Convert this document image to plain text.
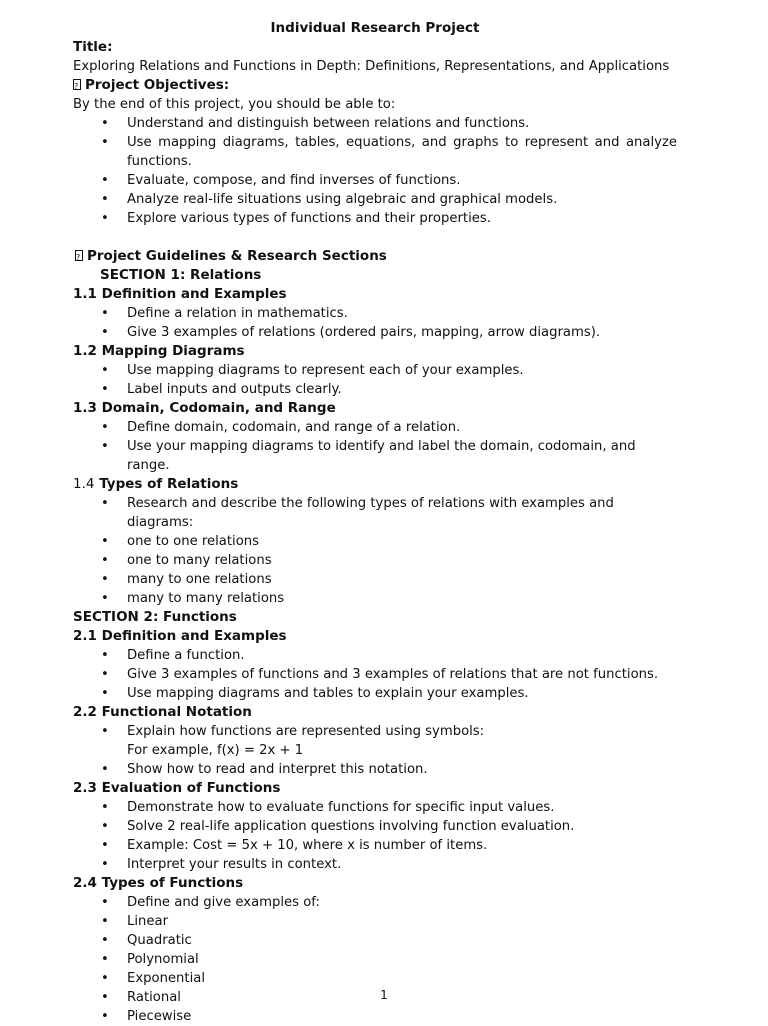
Individual Research Project
Title:
Exploring Relations and Functions in Depth: Definitions, Representations, and Applications
?Project Objectives:
By the end of this project, you should be able to:
• Understand and distinguish between relations and functions.
• Use mapping diagrams, tables, equations, and graphs to represent and analyze functions.
• Evaluate, compose, and find inverses of functions.
• Analyze real-life situations using algebraic and graphical models.
• Explore various types of functions and their properties.
?Project Guidelines & Research Sections
SECTION 1: Relations
1.1 Definition and Examples
• Define a relation in mathematics.
• Give 3 examples of relations (ordered pairs, mapping, arrow diagrams).
1.2 Mapping Diagrams
• Use mapping diagrams to represent each of your examples.
• Label inputs and outputs clearly.
1.3 Domain, Codomain, and Range
• Define domain, codomain, and range of a relation.
• Use your mapping diagrams to identify and label the domain, codomain, and range.
1.4 Types of Relations
• Research and describe the following types of relations with examples and diagrams:
• one to one relations
• one to many relations
• many to one relations
• many to many relations
SECTION 2: Functions
2.1 Definition and Examples
• Define a function.
• Give 3 examples of functions and 3 examples of relations that are not functions.
• Use mapping diagrams and tables to explain your examples.
2.2 Functional Notation
• Explain how functions are represented using symbols:
For example, f(x) = 2x + 1
• Show how to read and interpret this notation.
2.3 Evaluation of Functions
• Demonstrate how to evaluate functions for specific input values.
• Solve 2 real-life application questions involving function evaluation.
• Example: Cost = 5x + 10, where x is number of items.
• Interpret your results in context.
2.4 Types of Functions
• Define and give examples of:
• Linear
• Quadratic
• Polynomial
• Exponential
• Rational
• Piecewise
1
